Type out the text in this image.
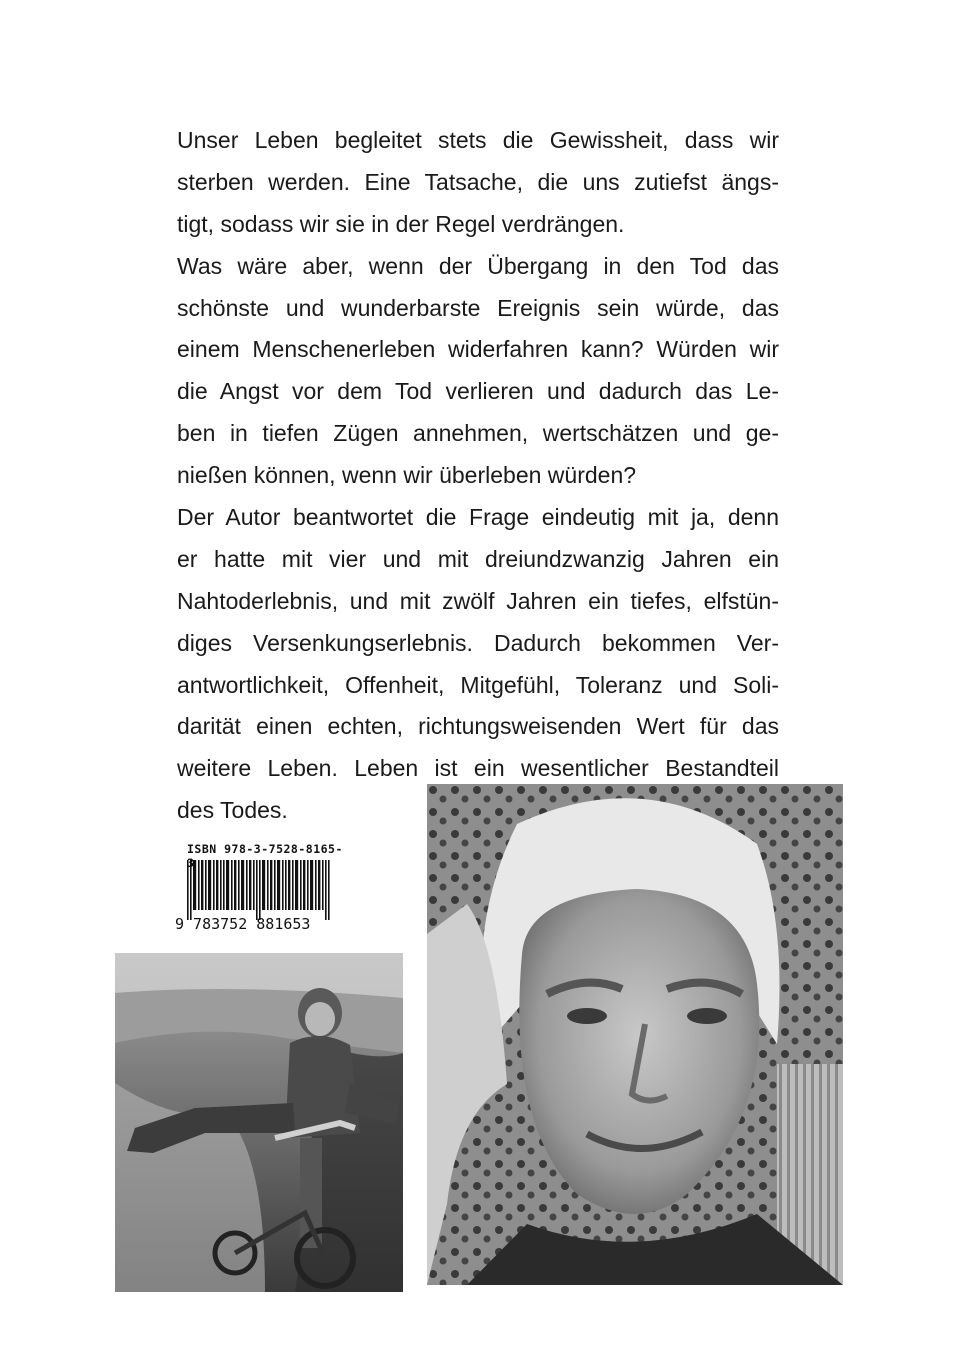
Unser Leben begleitet stets die Gewissheit, dass wir
sterben werden. Eine Tatsache, die uns zutiefst ängs-
tigt, sodass wir sie in der Regel verdrängen.
Was wäre aber, wenn der Übergang in den Tod das
schönste und wunderbarste Ereignis sein würde, das
einem Menschenerleben widerfahren kann? Würden wir
die Angst vor dem Tod verlieren und dadurch das Le-
ben in tiefen Zügen annehmen, wertschätzen und ge-
nießen können, wenn wir überleben würden?
Der Autor beantwortet die Frage eindeutig mit ja, denn
er hatte mit vier und mit dreiundzwanzig Jahren ein
Nahtoderlebnis, und mit zwölf Jahren ein tiefes, elfstün-
diges Versenkungserlebnis. Dadurch bekommen Ver-
antwortlichkeit, Offenheit, Mitgefühl, Toleranz und Soli-
darität einen echten, richtungsweisenden Wert für das
weitere Leben. Leben ist ein wesentlicher Bestandteil
des Todes.
ISBN 978-3-7528-8165-
9 783752 881653
